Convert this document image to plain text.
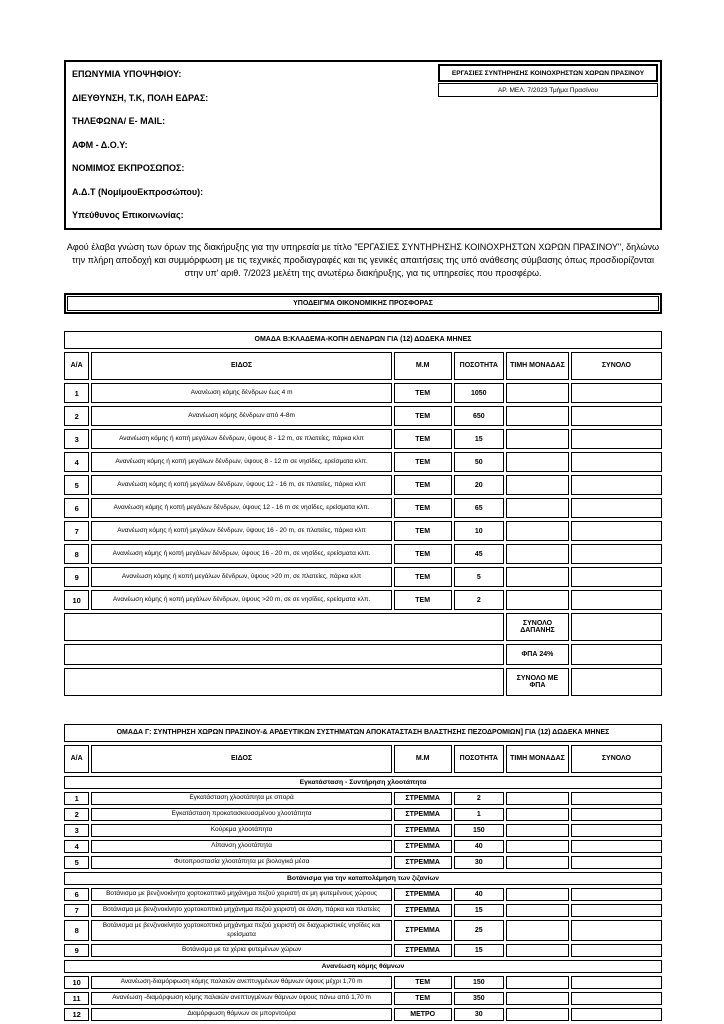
ΕΠΩΝΥΜΙΑ ΥΠΟΨΗΦΙΟΥ:
ΔΙΕΥΘΥΝΣΗ, Τ.Κ, ΠΟΛΗ ΕΔΡΑΣ:
ΤΗΛΕΦΩΝΑ/ E- MAIL:
ΑΦΜ - Δ.Ο.Υ:
ΝΟΜΙΜΟΣ ΕΚΠΡΟΣΩΠΟΣ:
Α.Δ.Τ (ΝομίμουΕκπροσώπου):
Υπεύθυνος Επικοινωνίας:
ΕΡΓΑΣΙΕΣ ΣΥΝΤΗΡΗΣΗΣ ΚΟΙΝΟΧΡΗΣΤΩΝ ΧΩΡΩΝ ΠΡΑΣΙΝΟΥ
ΑΡ. ΜΕΛ. 7/2023 Τμήμα Πρασίνου

Αφού έλαβα γνώση των όρων της διακήρυξης για την υπηρεσία με τίτλο "ΕΡΓΑΣΙΕΣ ΣΥΝΤΗΡΗΣΗΣ ΚΟΙΝΟΧΡΗΣΤΩΝ ΧΩΡΩΝ ΠΡΑΣΙΝΟΥ", δηλώνω την πλήρη αποδοχή και συμμόρφωση με τις τεχνικές προδιαγραφές και τις γενικές απαιτήσεις της υπό ανάθεσης σύμβασης όπως προσδιορίζονται στην υπ' αριθ. 7/2023 μελέτη της ανωτέρω διακήρυξης, για τις υπηρεσίες που προσφέρω.

ΥΠΟΔΕΙΓΜΑ ΟΙΚΟΝΟΜΙΚΗΣ ΠΡΟΣΦΟΡΑΣ
ΟΜΑΔΑ Β:ΚΛΑΔΕΜΑ-ΚΟΠΗ ΔΕΝΔΡΩΝ ΓΙΑ (12) ΔΩΔΕΚΑ ΜΗΝΕΣ					
Α/Α	ΕΙΔΟΣ	Μ.Μ	ΠΟΣΟΤΗΤΑ	ΤΙΜΗ ΜΟΝΑΔΑΣ	ΣΥΝΟΛΟ
1	Ανανέωση κόμης δένδρων έως 4 m	ΤΕΜ	1050		
2	Ανανέωση κόμης δένδρων από 4-8m	ΤΕΜ	650		
3	Ανανέωση κόμης ή κοπή μεγάλων δένδρων, ύψους 8 - 12 m, σε πλατείες, πάρκα κλπ	ΤΕΜ	15		
4	Ανανέωση κόμης ή κοπή μεγάλων δένδρων, ύψους 8 - 12 m σε νησίδες, ερείσματα κλπ.	ΤΕΜ	50		
5	Ανανέωση κόμης ή κοπή μεγάλων δένδρων, ύψους 12 - 16 m, σε πλατείες, πάρκα κλπ	ΤΕΜ	20		
6	Ανανέωση κόμης ή κοπή μεγάλων δένδρων, ύψους 12 - 16 m σε νησίδες, ερείσματα κλπ.	ΤΕΜ	65		
7	Ανανέωση κόμης ή κοπή μεγάλων δένδρων, ύψους 16 - 20 m, σε πλατείες, πάρκα κλπ	ΤΕΜ	10		
8	Ανανέωση κόμης ή κοπή μεγάλων δένδρων, ύψους 16 - 20 m, σε νησίδες, ερείσματα κλπ.	ΤΕΜ	45		
9	Ανανέωση κόμης ή κοπή μεγάλων δένδρων, ύψους >20 m, σε πλατείες, πάρκα κλπ	ΤΕΜ	5		
10	Ανανέωση κόμης ή κοπή μεγάλων δένδρων, ύψους >20 m, σε σε νησίδες, ερείσματα κλπ.	ΤΕΜ	2		
				ΣΥΝΟΛΟ ΔΑΠΑΝΗΣ	
				ΦΠΑ 24%	
				ΣΥΝΟΛΟ ΜΕ ΦΠΑ	
ΟΜΑΔΑ Γ: ΣΥΝΤΗΡΗΣΗ ΧΩΡΩΝ ΠΡΑΣΙΝΟΥ-& ΑΡΔΕΥΤΙΚΩΝ ΣΥΣΤΗΜΑΤΩΝ ΑΠΟΚΑΤΑΣΤΑΣΗ ΒΛΑΣΤΗΣΗΣ ΠΕΖΟΔΡΟΜΙΩΝ] ΓΙΑ (12) ΔΩΔΕΚΑ ΜΗΝΕΣ					
Α/Α	ΕΙΔΟΣ	Μ.Μ	ΠΟΣΟΤΗΤΑ	ΤΙΜΗ ΜΟΝΑΔΑΣ	ΣΥΝΟΛΟ
Εγκατάσταση - Συντήρηση χλοοτάπητα					
1	Εγκατάσταση χλοοτάπητα με σπορά	ΣΤΡΕΜΜΑ	2		
2	Εγκατάσταση προκατασκευασμένου χλοοτάπητα	ΣΤΡΕΜΜΑ	1		
3	Κούρεμα χλοοτάπητα	ΣΤΡΕΜΜΑ	150		
4	Λίπανση χλοοτάπητα	ΣΤΡΕΜΜΑ	40		
5	Φυτοπροστασία χλοοτάπητα με βιολογικά μέσα	ΣΤΡΕΜΜΑ	30		
Βοτάνισμα για την καταπολέμηση των ζιζανίων					
6	Βοτάνισμα με βενζινοκίνητο χορτοκοπτικό μηχάνημα πεζού χειριστή σε μη φυτεμένους χώρους	ΣΤΡΕΜΜΑ	40		
7	Βοτάνισμα με βενζινοκίνητο χορτοκοπτικό μηχάνημα πεζού χειριστή σε άλση, πάρκα και πλατείες	ΣΤΡΕΜΜΑ	15		
8	Βοτάνισμα με βενζινοκίνητο χορτοκοπτικό μηχάνημα πεζού χειριστή σε διαχωριστικές νησίδες και ερείσματα	ΣΤΡΕΜΜΑ	25		
9	Βοτάνισμα με τα χέρια φυτεμένων χώρων	ΣΤΡΕΜΜΑ	15		
Ανανέωση κόμης θάμνων					
10	Ανανέωση-διαμόρφωση κόμης παλαιών ανεπτυγμένων θάμνων ύψους μέχρι 1,70 m	ΤΕΜ	150		
11	Ανανέωση -διαμόρφωση κόμης παλαιών ανεπτυγμένων θάμνων ύψους πάνω από 1,70 m	ΤΕΜ	350		
12	Διαμόρφωση θάμνων σε μπορντούρα	ΜΕΤΡΟ	30		
